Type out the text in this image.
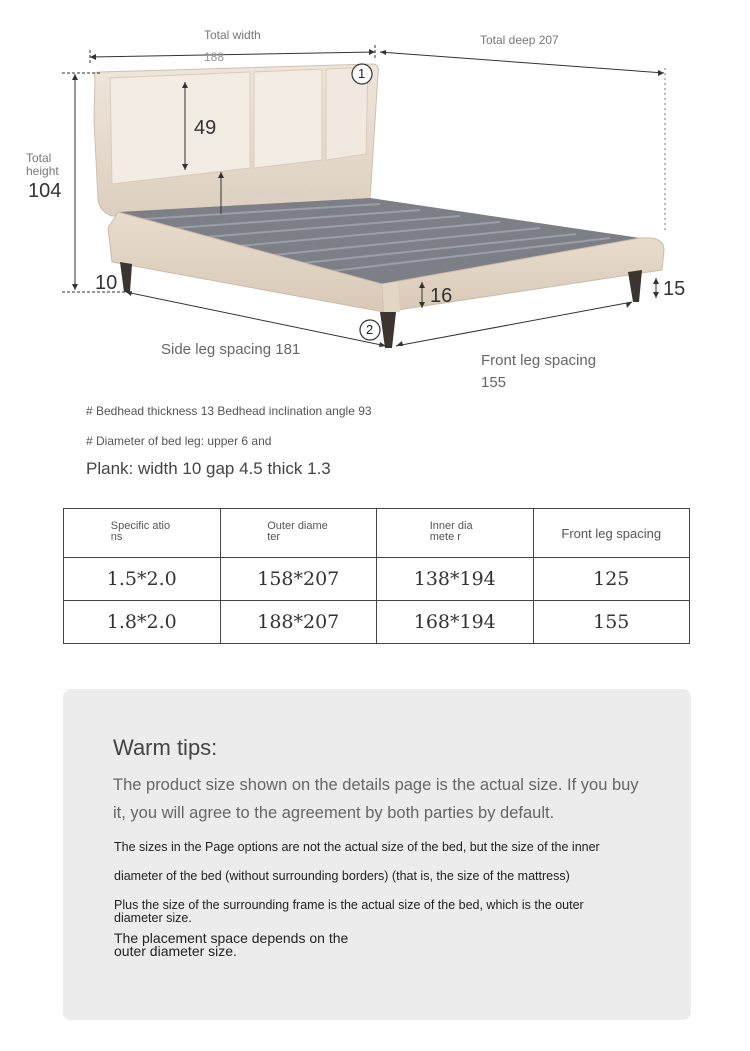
Total width
188
Total deep 207
Total height
104
49
22 (lower edge to plank)
1
2
10
16	15
Side leg spacing 181
Front leg spacing
155
# Bedhead thickness 13 Bedhead inclination angle 93
# Diameter of bed leg: upper 6 and
Plank: width 10 gap 4.5 thick 1.3
Specific ations	Outer diameter	Inner diamete r	Front leg spacing
1.5*2.0	158*207	138*194	125
1.8*2.0	188*207	168*194	155
Warm tips:
The product size shown on the details page is the actual size. If you buy it, you will agree to the agreement by both parties by default.
The sizes in the Page options are not the actual size of the bed, but the size of the inner
diameter of the bed (without surrounding borders) (that is, the size of the mattress)
Plus the size of the surrounding frame is the actual size of the bed, which is the outer diameter size.
The placement space depends on the outer diameter size.
